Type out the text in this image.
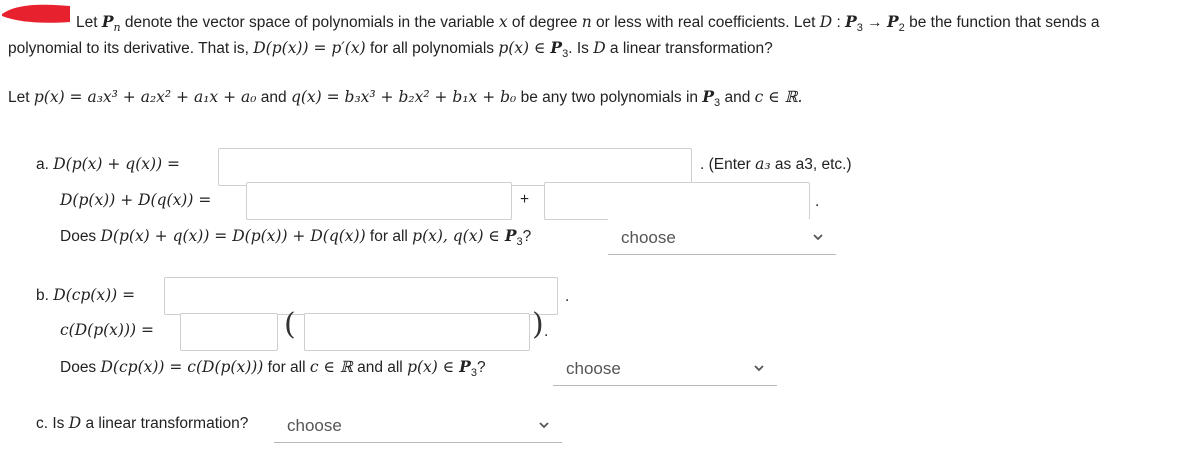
Let $P_n$ denote the vector space of polynomials in the variable x of degree n or less with real coefficients. Let D : $P_3 \to P_2$ be the function that sends a
polynomial to its derivative. That is, D(p(x)) = p′(x) for all polynomials p(x) ∈ $P_3$. Is D a linear transformation?
Let p(x) = a₃x³ + a₂x² + a₁x + a₀ and q(x) = b₃x³ + b₂x² + b₁x + b₀ be any two polynomials in $P_3$ and c ∈ ℝ.
a. D(p(x) + q(x)) =	. (Enter a₃ as a3, etc.)
D(p(x)) + D(q(x)) =	+	.
Does D(p(x) + q(x)) = D(p(x)) + D(q(x)) for all p(x), q(x) ∈ $P_3$?	choose
b. D(cp(x)) =	.
c(D(p(x))) =	(	) .
Does D(cp(x)) = c(D(p(x))) for all c ∈ ℝ and all p(x) ∈ $P_3$?	choose
c. Is D a linear transformation?	choose
